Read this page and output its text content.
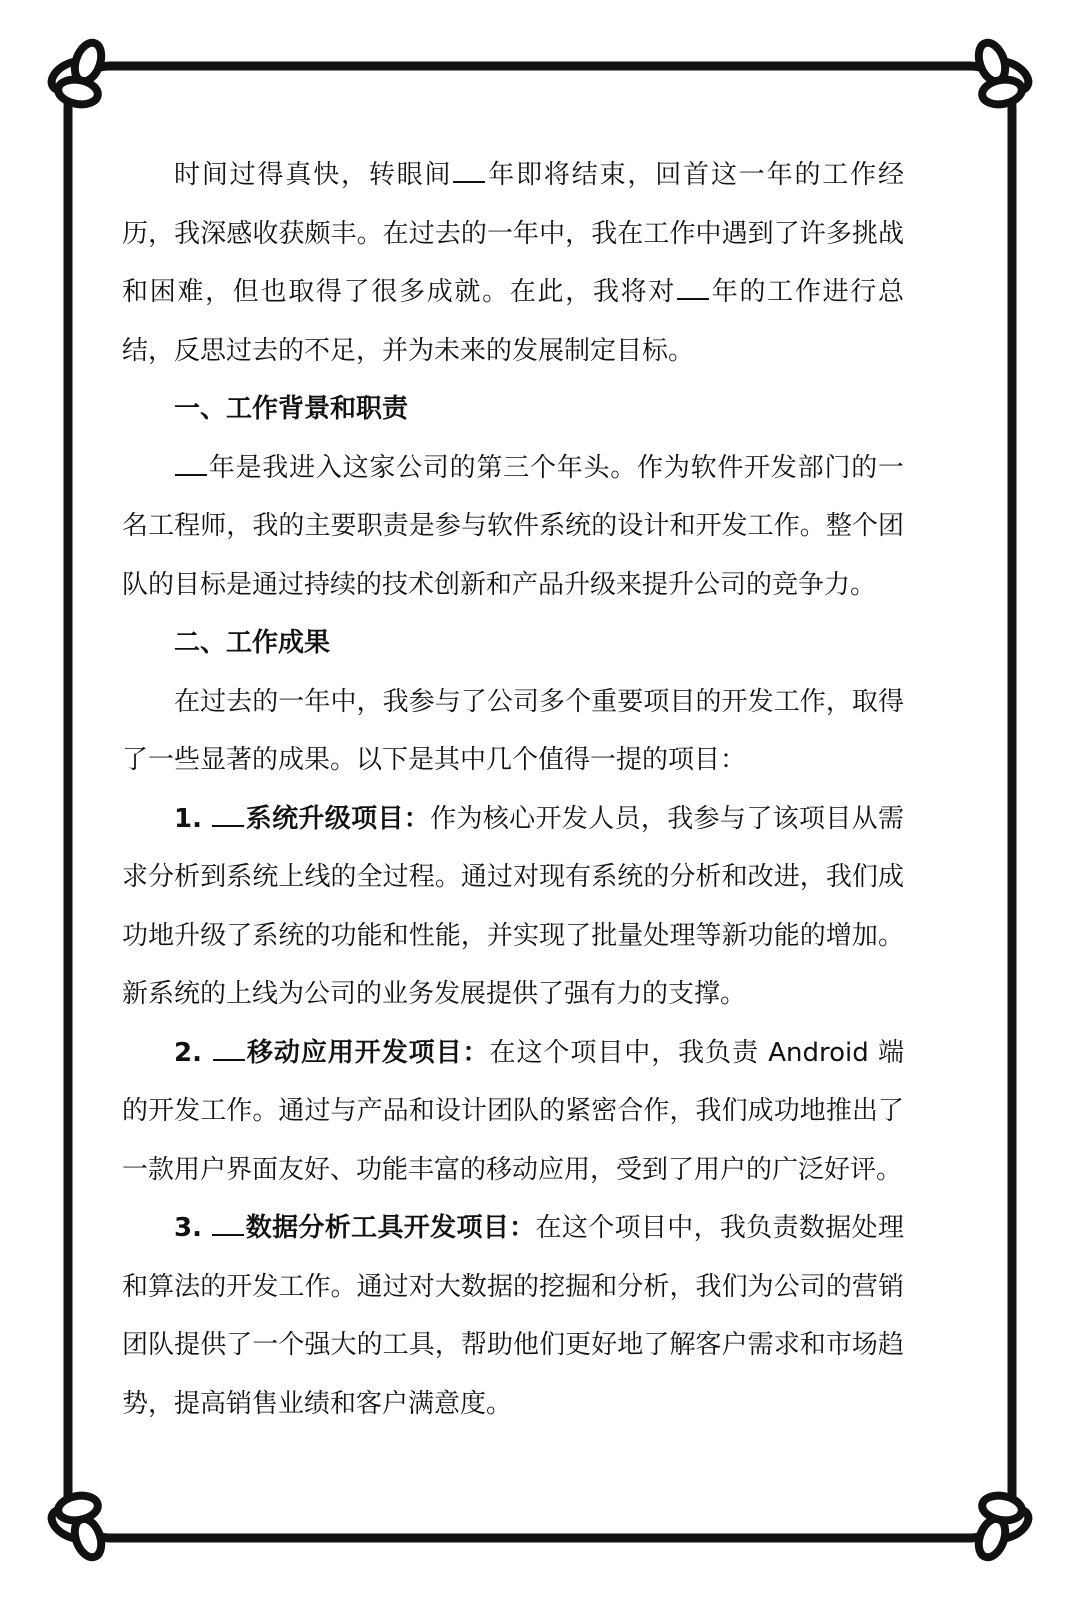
时间过得真快，转眼间 年即将结束，回首这一年的工作经历，我深感收获颇丰。在过去的一年中，我在工作中遇到了许多挑战和困难，但也取得了很多成就。在此，我将对 年的工作进行总结，反思过去的不足，并为未来的发展制定目标。

一、工作背景和职责

年是我进入这家公司的第三个年头。作为软件开发部门的一名工程师，我的主要职责是参与软件系统的设计和开发工作。整个团队的目标是通过持续的技术创新和产品升级来提升公司的竞争力。

二、工作成果

在过去的一年中，我参与了公司多个重要项目的开发工作，取得了一些显著的成果。以下是其中几个值得一提的项目：

1. 系统升级项目：作为核心开发人员，我参与了该项目从需求分析到系统上线的全过程。通过对现有系统的分析和改进，我们成功地升级了系统的功能和性能，并实现了批量处理等新功能的增加。新系统的上线为公司的业务发展提供了强有力的支撑。

2. 移动应用开发项目：在这个项目中，我负责 Android 端的开发工作。通过与产品和设计团队的紧密合作，我们成功地推出了一款用户界面友好、功能丰富的移动应用，受到了用户的广泛好评。

3. 数据分析工具开发项目：在这个项目中，我负责数据处理和算法的开发工作。通过对大数据的挖掘和分析，我们为公司的营销团队提供了一个强大的工具，帮助他们更好地了解客户需求和市场趋势，提高销售业绩和客户满意度。
